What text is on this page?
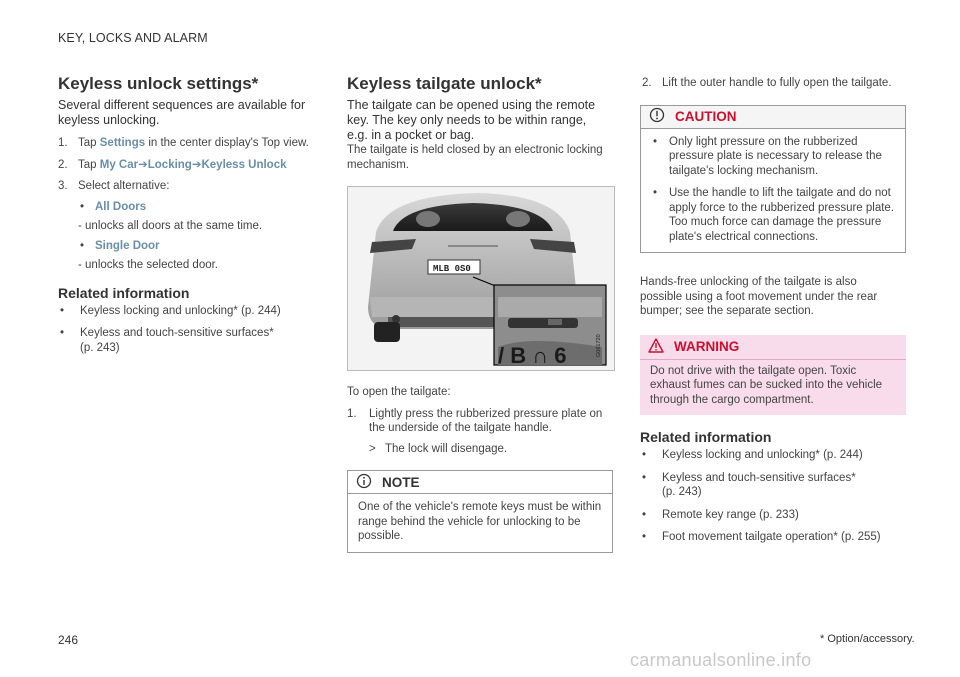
KEY, LOCKS AND ALARM
Keyless unlock settings*

Several different sequences are available for keyless unlocking.

1. Tap Settings in the center display's Top view.
2. Tap My Car➔Locking➔Keyless Unlock
3. Select alternative:
• All Doors
- unlocks all doors at the same time.
• Single Door
- unlocks the selected door.
Related information
•	Keyless locking and unlocking* (p. 244)
•	Keyless and touch-sensitive surfaces* (p. 243)
Keyless tailgate unlock*

The tailgate can be opened using the remote key. The key only needs to be within range, e.g. in a pocket or bag.

The tailgate is held closed by an electronic locking mechanism.

MLB 0S0
/ B ∩ 6	G061720

To open the tailgate:

1.	Lightly press the rubberized pressure plate on the underside of the tailgate handle.
> The lock will disengage.
NOTE
One of the vehicle's remote keys must be within range behind the vehicle for unlocking to be possible.
2. Lift the outer handle to fully open the tailgate.
CAUTION
•	Only light pressure on the rubberized pressure plate is necessary to release the tailgate's locking mechanism.
•	Use the handle to lift the tailgate and do not apply force to the rubberized pressure plate. Too much force can damage the pressure plate's electrical connections.

Hands-free unlocking of the tailgate is also possible using a foot movement under the rear bumper; see the separate section.

WARNING
Do not drive with the tailgate open. Toxic exhaust fumes can be sucked into the vehicle through the cargo compartment.
Related information
•	Keyless locking and unlocking* (p. 244)
•	Keyless and touch-sensitive surfaces* (p. 243)
•	Remote key range (p. 233)
•	Foot movement tailgate operation* (p. 255)
246	* Option/accessory.
carmanualsonline.info
